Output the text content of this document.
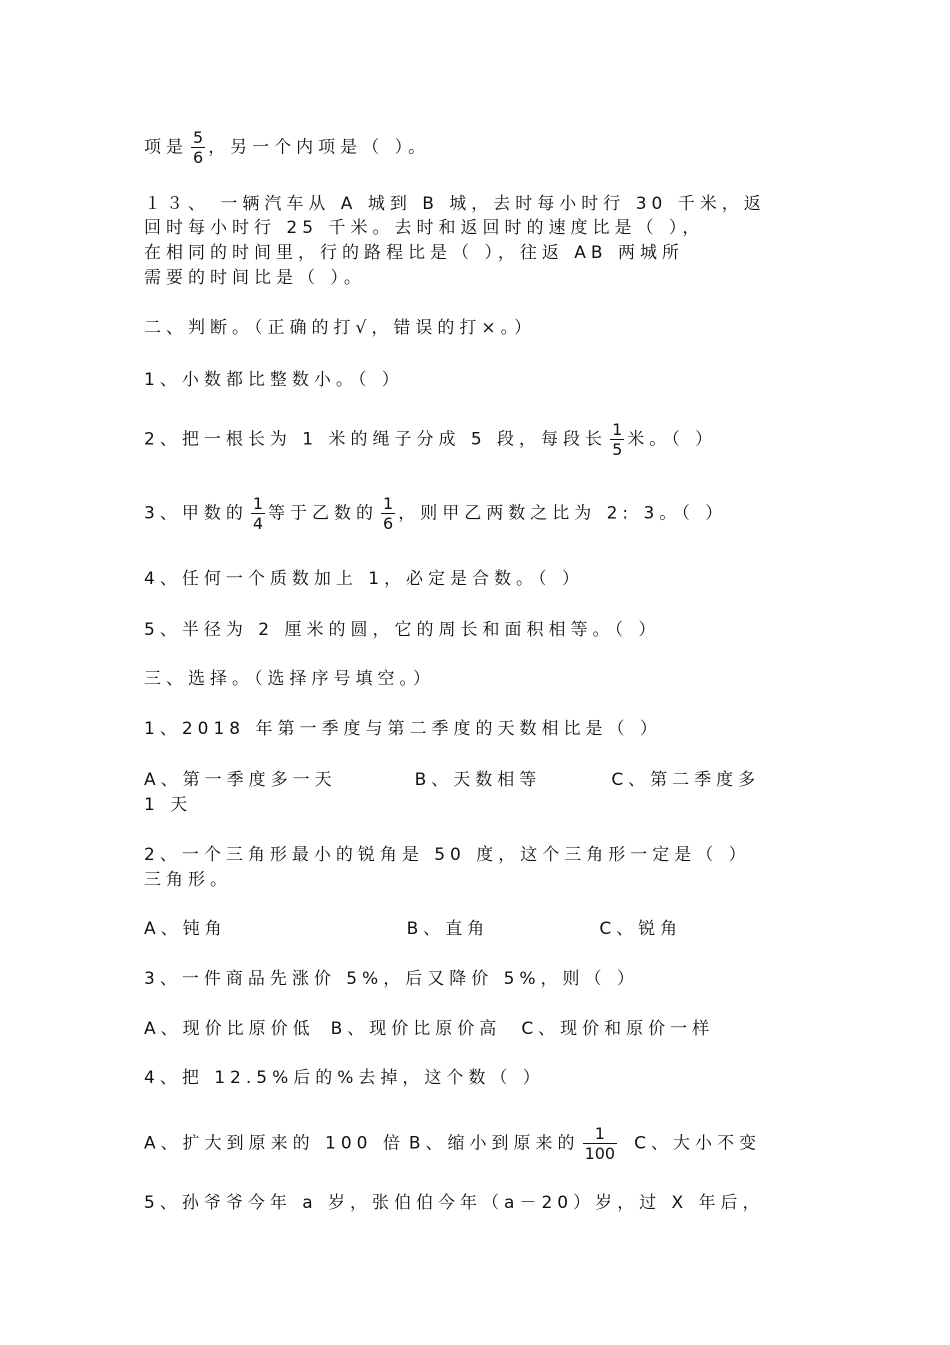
项是 $\frac{5}{6}$ ，另一个内项是（ ）。
１３、 一辆汽车从 A 城到 B 城，去时每小时行 30 千米，返
回时每小时行 25 千米。去时和返回时的速度比是（ ），
在相同的时间里，行的路程比是（ ），往返 AB 两城所
需要的时间比是（ ）。
二、判断。（正确的打√，错误的打×。）
1、小数都比整数小。（ ）
2、把一根长为 1 米的绳子分成 5 段，每段长 $\frac{1}{5}$ 米。（ ）
3、甲数的 $\frac{1}{4}$ 等于乙数的 $\frac{1}{6}$ ，则甲乙两数之比为 2: 3。（ ）
4、任何一个质数加上 1，必定是合数。（ ）
5、半径为 2 厘米的圆，它的周长和面积相等。（ ）
三、选择。（选择序号填空。）
1、2018 年第一季度与第二季度的天数相比是（ ）
A、第一季度多一天	B、天数相等	C、第二季度多
1 天
2、一个三角形最小的锐角是 50 度，这个三角形一定是（ ）
三角形。
A、钝角	B、直角	C、锐角
3、一件商品先涨价 5%，后又降价 5%，则（ ）
A、现价比原价低 B、现价比原价高 C、现价和原价一样
4、把 12.5%后的%去掉，这个数（ ）
A、扩大到原来的 100 倍 B、缩小到原来的 $\frac{1}{100}$ C、大小不变
5、孙爷爷今年 a 岁，张伯伯今年（a－20）岁，过 X 年后，
